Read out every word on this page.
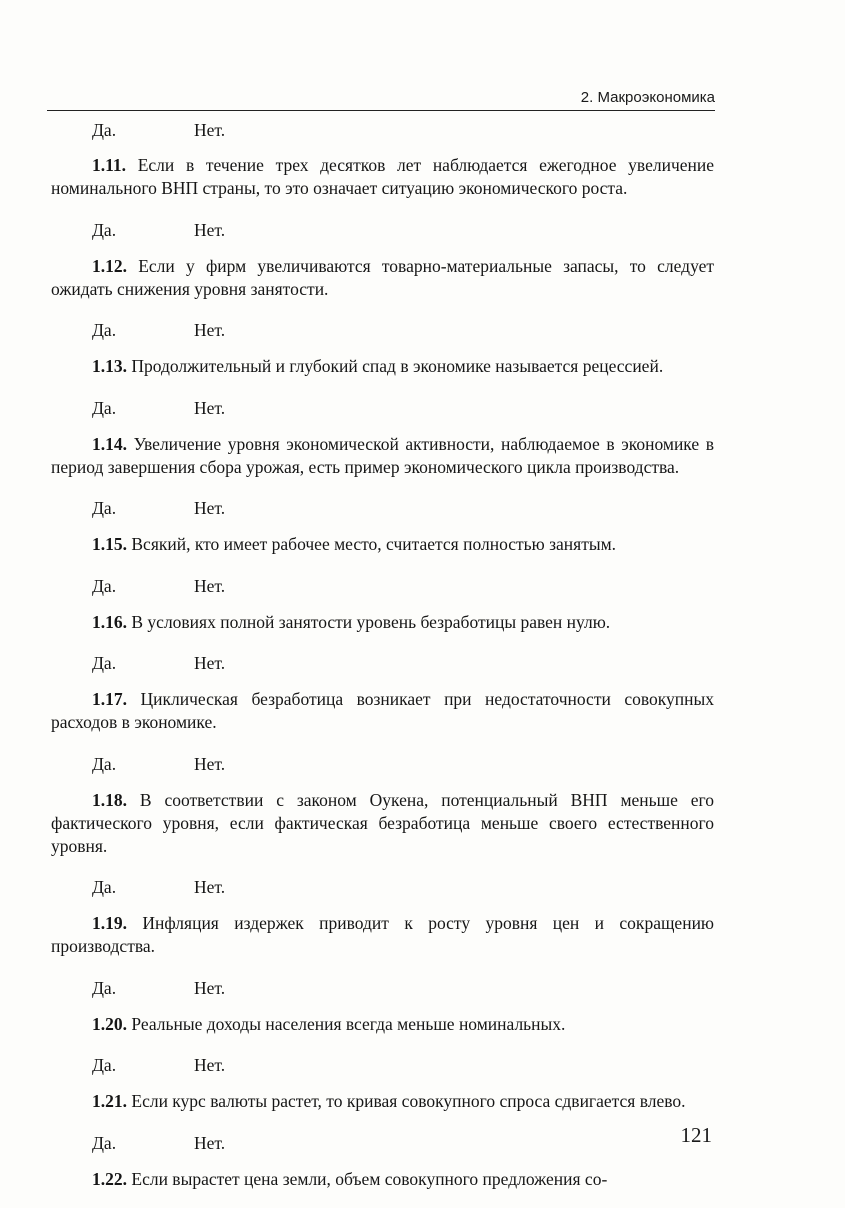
2. Макроэкономика
Да.	Нет.

1.11. Если в течение трех десятков лет наблюдается ежегодное увеличение номинального ВНП страны, то это означает ситуацию экономического роста.

Да.	Нет.

1.12. Если у фирм увеличиваются товарно-материальные запасы, то следует ожидать снижения уровня занятости.

Да.	Нет.

1.13. Продолжительный и глубокий спад в экономике называется рецессией.

Да.	Нет.

1.14. Увеличение уровня экономической активности, наблюдаемое в экономике в период завершения сбора урожая, есть пример экономического цикла производства.

Да.	Нет.

1.15. Всякий, кто имеет рабочее место, считается полностью занятым.

Да.	Нет.

1.16. В условиях полной занятости уровень безработицы равен нулю.

Да.	Нет.

1.17. Циклическая безработица возникает при недостаточности совокупных расходов в экономике.

Да.	Нет.

1.18. В соответствии с законом Оукена, потенциальный ВНП меньше его фактического уровня, если фактическая безработица меньше своего естественного уровня.

Да.	Нет.

1.19. Инфляция издержек приводит к росту уровня цен и сокращению производства.

Да.	Нет.

1.20. Реальные доходы населения всегда меньше номинальных.

Да.	Нет.

1.21. Если курс валюты растет, то кривая совокупного спроса сдвигается влево.

Да.	Нет.

1.22. Если вырастет цена земли, объем совокупного предложения со-

121
